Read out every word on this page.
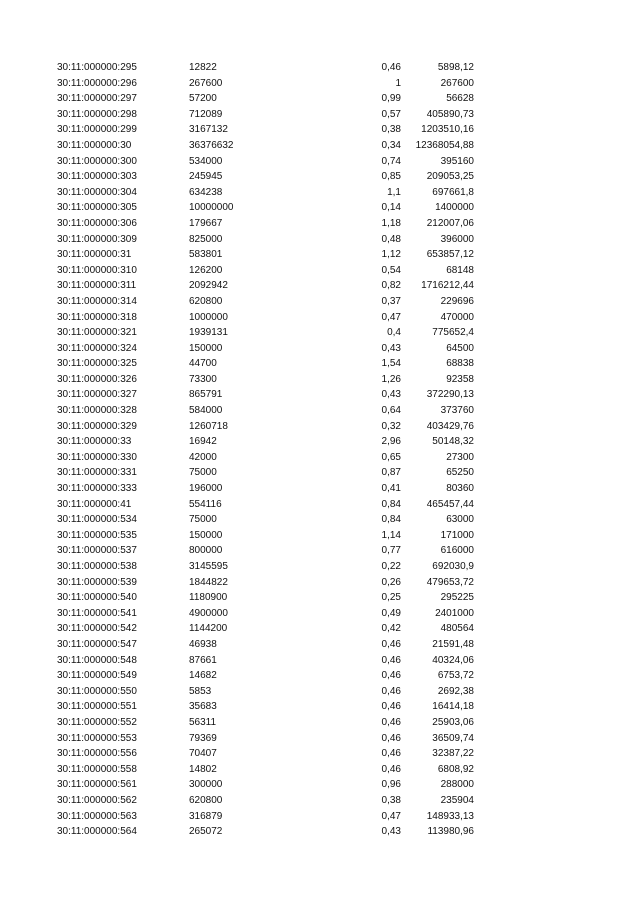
30:11:000000:295	12822		0,46	5898,12
30:11:000000:296	267600		1	267600
30:11:000000:297	57200		0,99	56628
30:11:000000:298	712089		0,57	405890,73
30:11:000000:299	3167132		0,38	1203510,16
30:11:000000:30	36376632		0,34	12368054,88
30:11:000000:300	534000		0,74	395160
30:11:000000:303	245945		0,85	209053,25
30:11:000000:304	634238		1,1	697661,8
30:11:000000:305	10000000		0,14	1400000
30:11:000000:306	179667		1,18	212007,06
30:11:000000:309	825000		0,48	396000
30:11:000000:31	583801		1,12	653857,12
30:11:000000:310	126200		0,54	68148
30:11:000000:311	2092942		0,82	1716212,44
30:11:000000:314	620800		0,37	229696
30:11:000000:318	1000000		0,47	470000
30:11:000000:321	1939131		0,4	775652,4
30:11:000000:324	150000		0,43	64500
30:11:000000:325	44700		1,54	68838
30:11:000000:326	73300		1,26	92358
30:11:000000:327	865791		0,43	372290,13
30:11:000000:328	584000		0,64	373760
30:11:000000:329	1260718		0,32	403429,76
30:11:000000:33	16942		2,96	50148,32
30:11:000000:330	42000		0,65	27300
30:11:000000:331	75000		0,87	65250
30:11:000000:333	196000		0,41	80360
30:11:000000:41	554116		0,84	465457,44
30:11:000000:534	75000		0,84	63000
30:11:000000:535	150000		1,14	171000
30:11:000000:537	800000		0,77	616000
30:11:000000:538	3145595		0,22	692030,9
30:11:000000:539	1844822		0,26	479653,72
30:11:000000:540	1180900		0,25	295225
30:11:000000:541	4900000		0,49	2401000
30:11:000000:542	1144200		0,42	480564
30:11:000000:547	46938		0,46	21591,48
30:11:000000:548	87661		0,46	40324,06
30:11:000000:549	14682		0,46	6753,72
30:11:000000:550	5853		0,46	2692,38
30:11:000000:551	35683		0,46	16414,18
30:11:000000:552	56311		0,46	25903,06
30:11:000000:553	79369		0,46	36509,74
30:11:000000:556	70407		0,46	32387,22
30:11:000000:558	14802		0,46	6808,92
30:11:000000:561	300000		0,96	288000
30:11:000000:562	620800		0,38	235904
30:11:000000:563	316879		0,47	148933,13
30:11:000000:564	265072		0,43	113980,96
